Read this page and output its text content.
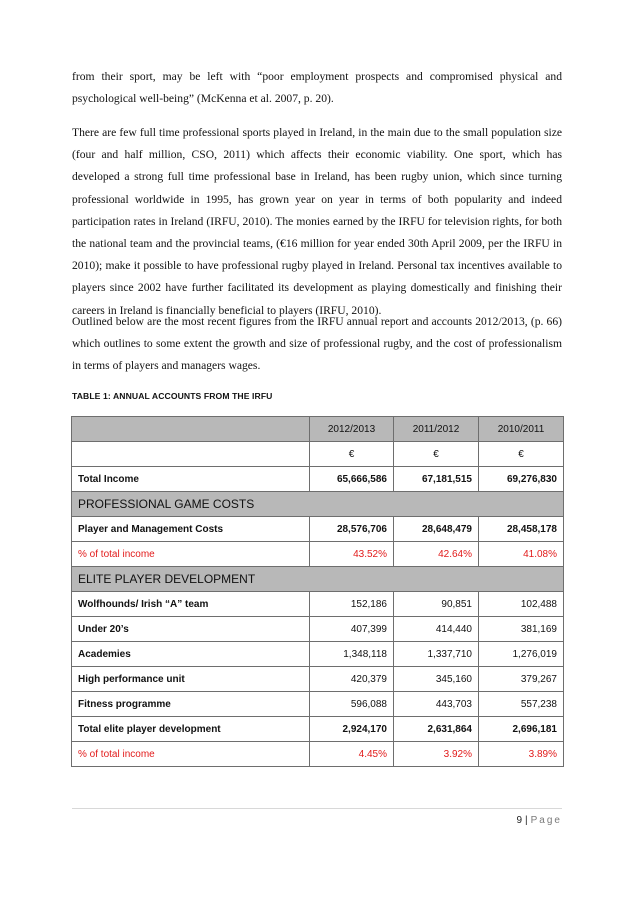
from their sport, may be left with “poor employment prospects and compromised physical and psychological well-being” (McKenna et al. 2007, p. 20).

There are few full time professional sports played in Ireland, in the main due to the small population size (four and half million, CSO, 2011) which affects their economic viability. One sport, which has developed a strong full time professional base in Ireland, has been rugby union, which since turning professional worldwide in 1995, has grown year on year in terms of both popularity and indeed participation rates in Ireland (IRFU, 2010). The monies earned by the IRFU for television rights, for both the national team and the provincial teams, (€16 million for year ended 30th April 2009, per the IRFU in 2010); make it possible to have professional rugby played in Ireland. Personal tax incentives available to players since 2002 have further facilitated its development as playing domestically and finishing their careers in Ireland is financially beneficial to players (IRFU, 2010).

Outlined below are the most recent figures from the IRFU annual report and accounts 2012/2013, (p. 66) which outlines to some extent the growth and size of professional rugby, and the cost of professionalism in terms of players and managers wages.

TABLE 1: ANNUAL ACCOUNTS FROM THE IRFU
	2012/2013	2011/2012	2010/2011
	€	€	€
Total Income	65,666,586	67,181,515	69,276,830
PROFESSIONAL GAME COSTS			
Player and Management Costs	28,576,706	28,648,479	28,458,178
% of total income	43.52%	42.64%	41.08%
ELITE PLAYER DEVELOPMENT			
Wolfhounds/ Irish “A” team	152,186	90,851	102,488
Under 20’s	407,399	414,440	381,169
Academies	1,348,118	1,337,710	1,276,019
High performance unit	420,379	345,160	379,267
Fitness programme	596,088	443,703	557,238
Total elite player development	2,924,170	2,631,864	2,696,181
% of total income	4.45%	3.92%	3.89%
9 | Page
